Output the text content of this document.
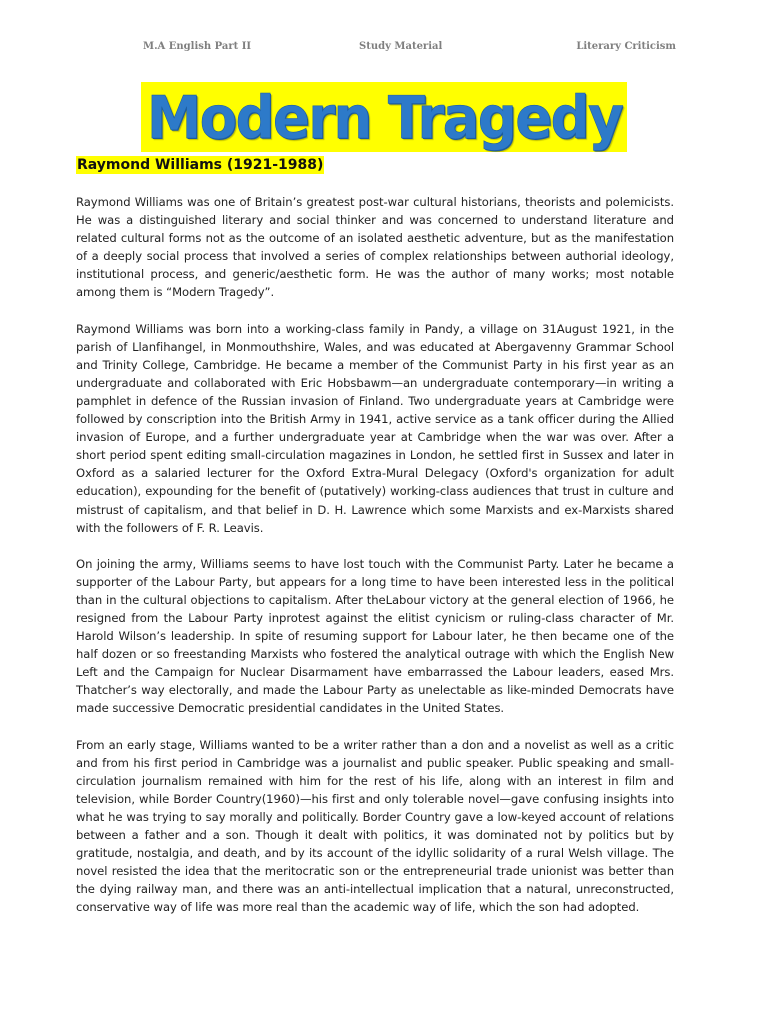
M.A English Part II	Study Material	Literary Criticism
Modern Tragedy
Raymond Williams (1921-1988)

Raymond Williams was one of Britain’s greatest post-war cultural historians, theorists and polemicists. He was a distinguished literary and social thinker and was concerned to understand literature and related cultural forms not as the outcome of an isolated aesthetic adventure, but as the manifestation of a deeply social process that involved a series of complex relationships between authorial ideology, institutional process, and generic/aesthetic form. He was the author of many works; most notable among them is “Modern Tragedy”.

Raymond Williams was born into a working-class family in Pandy, a village on 31August 1921, in the parish of Llanfihangel, in Monmouthshire, Wales, and was educated at Abergavenny Grammar School and Trinity College, Cambridge. He became a member of the Communist Party in his first year as an undergraduate and collaborated with Eric Hobsbawm—an undergraduate contemporary—in writing a pamphlet in defence of the Russian invasion of Finland. Two undergraduate years at Cambridge were followed by conscription into the British Army in 1941, active service as a tank officer during the Allied invasion of Europe, and a further undergraduate year at Cambridge when the war was over. After a short period spent editing small-circulation magazines in London, he settled first in Sussex and later in Oxford as a salaried lecturer for the Oxford Extra-Mural Delegacy (Oxford's organization for adult education), expounding for the benefit of (putatively) working-class audiences that trust in culture and mistrust of capitalism, and that belief in D. H. Lawrence which some Marxists and ex-Marxists shared with the followers of F. R. Leavis.

On joining the army, Williams seems to have lost touch with the Communist Party. Later he became a supporter of the Labour Party, but appears for a long time to have been interested less in the political than in the cultural objections to capitalism. After theLabour victory at the general election of 1966, he resigned from the Labour Party inprotest against the elitist cynicism or ruling-class character of Mr. Harold Wilson’s leadership. In spite of resuming support for Labour later, he then became one of the half dozen or so freestanding Marxists who fostered the analytical outrage with which the English New Left and the Campaign for Nuclear Disarmament have embarrassed the Labour leaders, eased Mrs. Thatcher’s way electorally, and made the Labour Party as unelectable as like-minded Democrats have made successive Democratic presidential candidates in the United States.

From an early stage, Williams wanted to be a writer rather than a don and a novelist as well as a critic and from his first period in Cambridge was a journalist and public speaker. Public speaking and small-circulation journalism remained with him for the rest of his life, along with an interest in film and television, while Border Country(1960)—his first and only tolerable novel—gave confusing insights into what he was trying to say morally and politically. Border Country gave a low-keyed account of relations between a father and a son. Though it dealt with politics, it was dominated not by politics but by gratitude, nostalgia, and death, and by its account of the idyllic solidarity of a rural Welsh village. The novel resisted the idea that the meritocratic son or the entrepreneurial trade unionist was better than the dying railway man, and there was an anti-intellectual implication that a natural, unreconstructed, conservative way of life was more real than the academic way of life, which the son had adopted.
